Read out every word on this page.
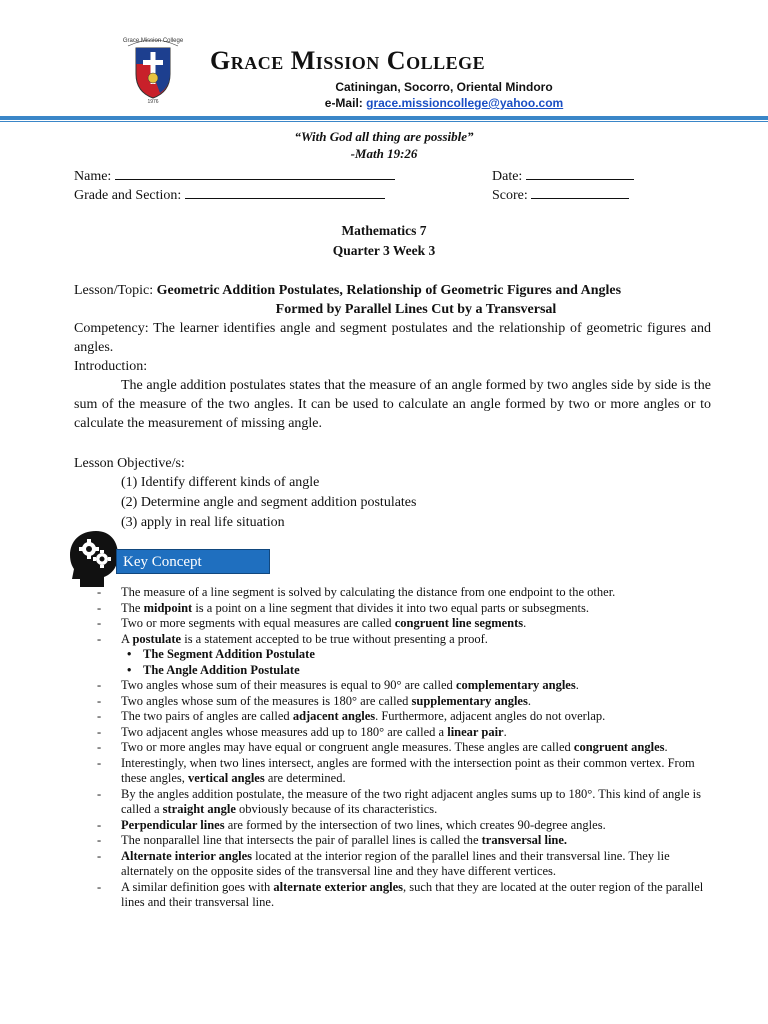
1976
Grace Mission College
Grace Mission College
Catiningan, Socorro, Oriental Mindoro
e-Mail: grace.missioncollege@yahoo.com
“With God all thing are possible”
-Math 19:26
Name:	Date:
Grade and Section:	Score:
Mathematics 7
Quarter 3 Week 3
Lesson/Topic: Geometric Addition Postulates, Relationship of Geometric Figures and Angles
Formed by Parallel Lines Cut by a Transversal
Competency: The learner identifies angle and segment postulates and the relationship of geometric figures and angles.
Introduction:
The angle addition postulates states that the measure of an angle formed by two angles side by side is the sum of the measure of the two angles. It can be used to calculate an angle formed by two or more angles or to calculate the measurement of missing angle.
Lesson Objective/s:
(1) Identify different kinds of angle
(2) Determine angle and segment addition postulates
(3) apply in real life situation
Key Concept
-	The measure of a line segment is solved by calculating the distance from one endpoint to the other.
-	The midpoint is a point on a line segment that divides it into two equal parts or subsegments.
-	Two or more segments with equal measures are called congruent line segments.
-	A postulate is a statement accepted to be true without presenting a proof.
• The Segment Addition Postulate
• The Angle Addition Postulate
-	Two angles whose sum of their measures is equal to 90° are called complementary angles.
-	Two angles whose sum of the measures is 180° are called supplementary angles.
-	The two pairs of angles are called adjacent angles. Furthermore, adjacent angles do not overlap.
-	Two adjacent angles whose measures add up to 180° are called a linear pair.
-	Two or more angles may have equal or congruent angle measures. These angles are called congruent angles.
-	Interestingly, when two lines intersect, angles are formed with the intersection point as their common vertex. From these angles, vertical angles are determined.
-	By the angles addition postulate, the measure of the two right adjacent angles sums up to 180°. This kind of angle is called a straight angle obviously because of its characteristics.
-	Perpendicular lines are formed by the intersection of two lines, which creates 90-degree angles.
-	The nonparallel line that intersects the pair of parallel lines is called the transversal line.
-	Alternate interior angles located at the interior region of the parallel lines and their transversal line. They lie alternately on the opposite sides of the transversal line and they have different vertices.
-	A similar definition goes with alternate exterior angles, such that they are located at the outer region of the parallel lines and their transversal line.
